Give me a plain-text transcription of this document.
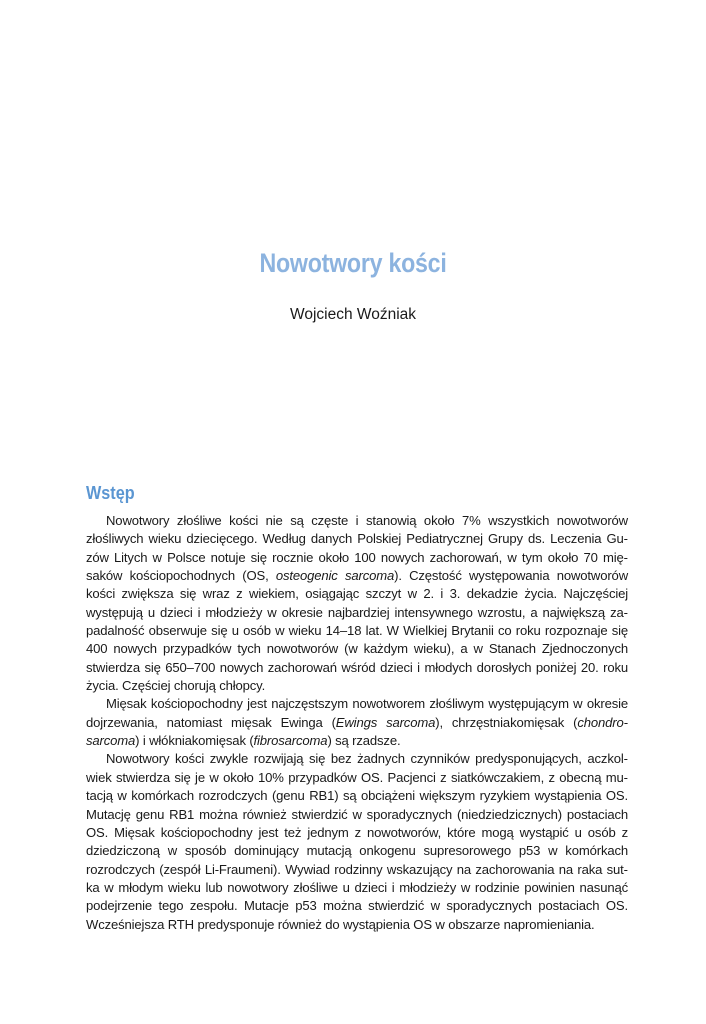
Nowotwory kości
Wojciech Woźniak
Wstęp

Nowotwory złośliwe kości nie są częste i stanowią około 7% wszystkich nowotworów złośliwych wieku dziecięcego. Według danych Polskiej Pediatrycznej Grupy ds. Leczenia Guzów Litych w Polsce notuje się rocznie około 100 nowych zachorowań, w tym około 70 mięsaków kościopochodnych (OS, osteogenic sarcoma). Częstość występowania nowotworów kości zwiększa się wraz z wiekiem, osiągając szczyt w 2. i 3. dekadzie życia. Najczęściej występują u dzieci i młodzieży w okresie najbardziej intensywnego wzrostu, a największą zapadalność obserwuje się u osób w wieku 14–18 lat. W Wielkiej Brytanii co roku rozpoznaje się 400 nowych przypadków tych nowotworów (w każdym wieku), a w Stanach Zjednoczonych stwierdza się 650–700 nowych zachorowań wśród dzieci i młodych dorosłych poniżej 20. roku życia. Częściej chorują chłopcy.

Mięsak kościopochodny jest najczęstszym nowotworem złośliwym występującym w okresie dojrzewania, natomiast mięsak Ewinga (Ewings sarcoma), chrzęstniakomięsak (chondrosarcoma) i włókniakomięsak (fibrosarcoma) są rzadsze.

Nowotwory kości zwykle rozwijają się bez żadnych czynników predysponujących, aczkolwiek stwierdza się je w około 10% przypadków OS. Pacjenci z siatkówczakiem, z obecną mutacją w komórkach rozrodczych (genu RB1) są obciążeni większym ryzykiem wystąpienia OS. Mutację genu RB1 można również stwierdzić w sporadycznych (niedziedzicznych) postaciach OS. Mięsak kościopochodny jest też jednym z nowotworów, które mogą wystąpić u osób z dziedziczoną w sposób dominujący mutacją onkogenu supresorowego p53 w komórkach rozrodczych (zespół Li-Fraumeni). Wywiad rodzinny wskazujący na zachorowania na raka sutka w młodym wieku lub nowotwory złośliwe u dzieci i młodzieży w rodzinie powinien nasunąć podejrzenie tego zespołu. Mutacje p53 można stwierdzić w sporadycznych postaciach OS. Wcześniejsza RTH predysponuje również do wystąpienia OS w obszarze napromieniania.
